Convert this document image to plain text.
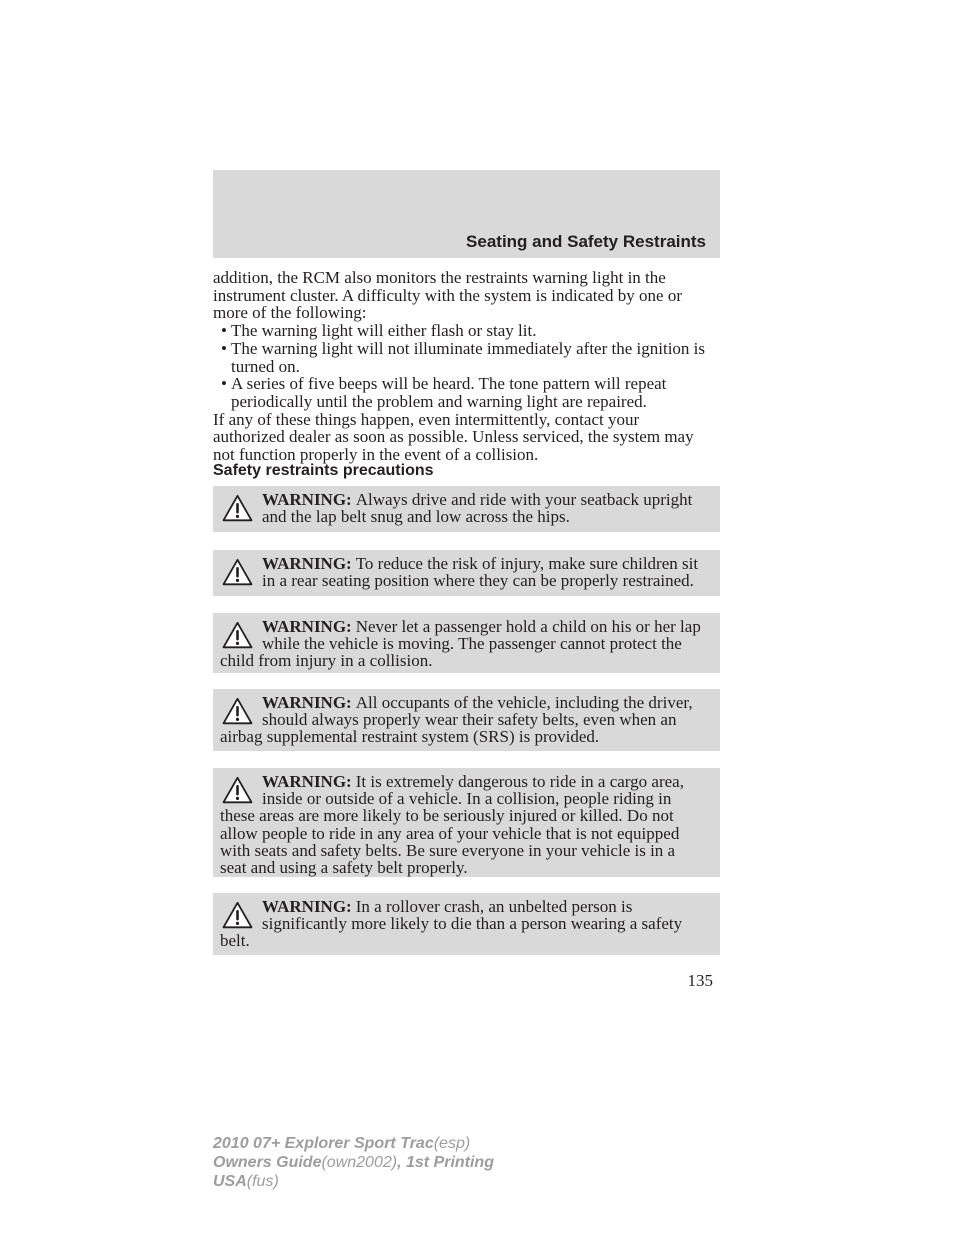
Seating and Safety Restraints
addition, the RCM also monitors the restraints warning light in the
instrument cluster. A difficulty with the system is indicated by one or
more of the following:
• The warning light will either flash or stay lit.
• The warning light will not illuminate immediately after the ignition is
turned on.
• A series of five beeps will be heard. The tone pattern will repeat
periodically until the problem and warning light are repaired.
If any of these things happen, even intermittently, contact your
authorized dealer as soon as possible. Unless serviced, the system may
not function properly in the event of a collision.
Safety restraints precautions
WARNING: Always drive and ride with your seatback upright
and the lap belt snug and low across the hips.
WARNING: To reduce the risk of injury, make sure children sit
in a rear seating position where they can be properly restrained.
WARNING: Never let a passenger hold a child on his or her lap
while the vehicle is moving. The passenger cannot protect the
child from injury in a collision.
WARNING: All occupants of the vehicle, including the driver,
should always properly wear their safety belts, even when an
airbag supplemental restraint system (SRS) is provided.
WARNING: It is extremely dangerous to ride in a cargo area,
inside or outside of a vehicle. In a collision, people riding in
these areas are more likely to be seriously injured or killed. Do not
allow people to ride in any area of your vehicle that is not equipped
with seats and safety belts. Be sure everyone in your vehicle is in a
seat and using a safety belt properly.
WARNING: In a rollover crash, an unbelted person is
significantly more likely to die than a person wearing a safety
belt.
135
2010 07+ Explorer Sport Trac(esp)
Owners Guide(own2002), 1st Printing
USA(fus)
